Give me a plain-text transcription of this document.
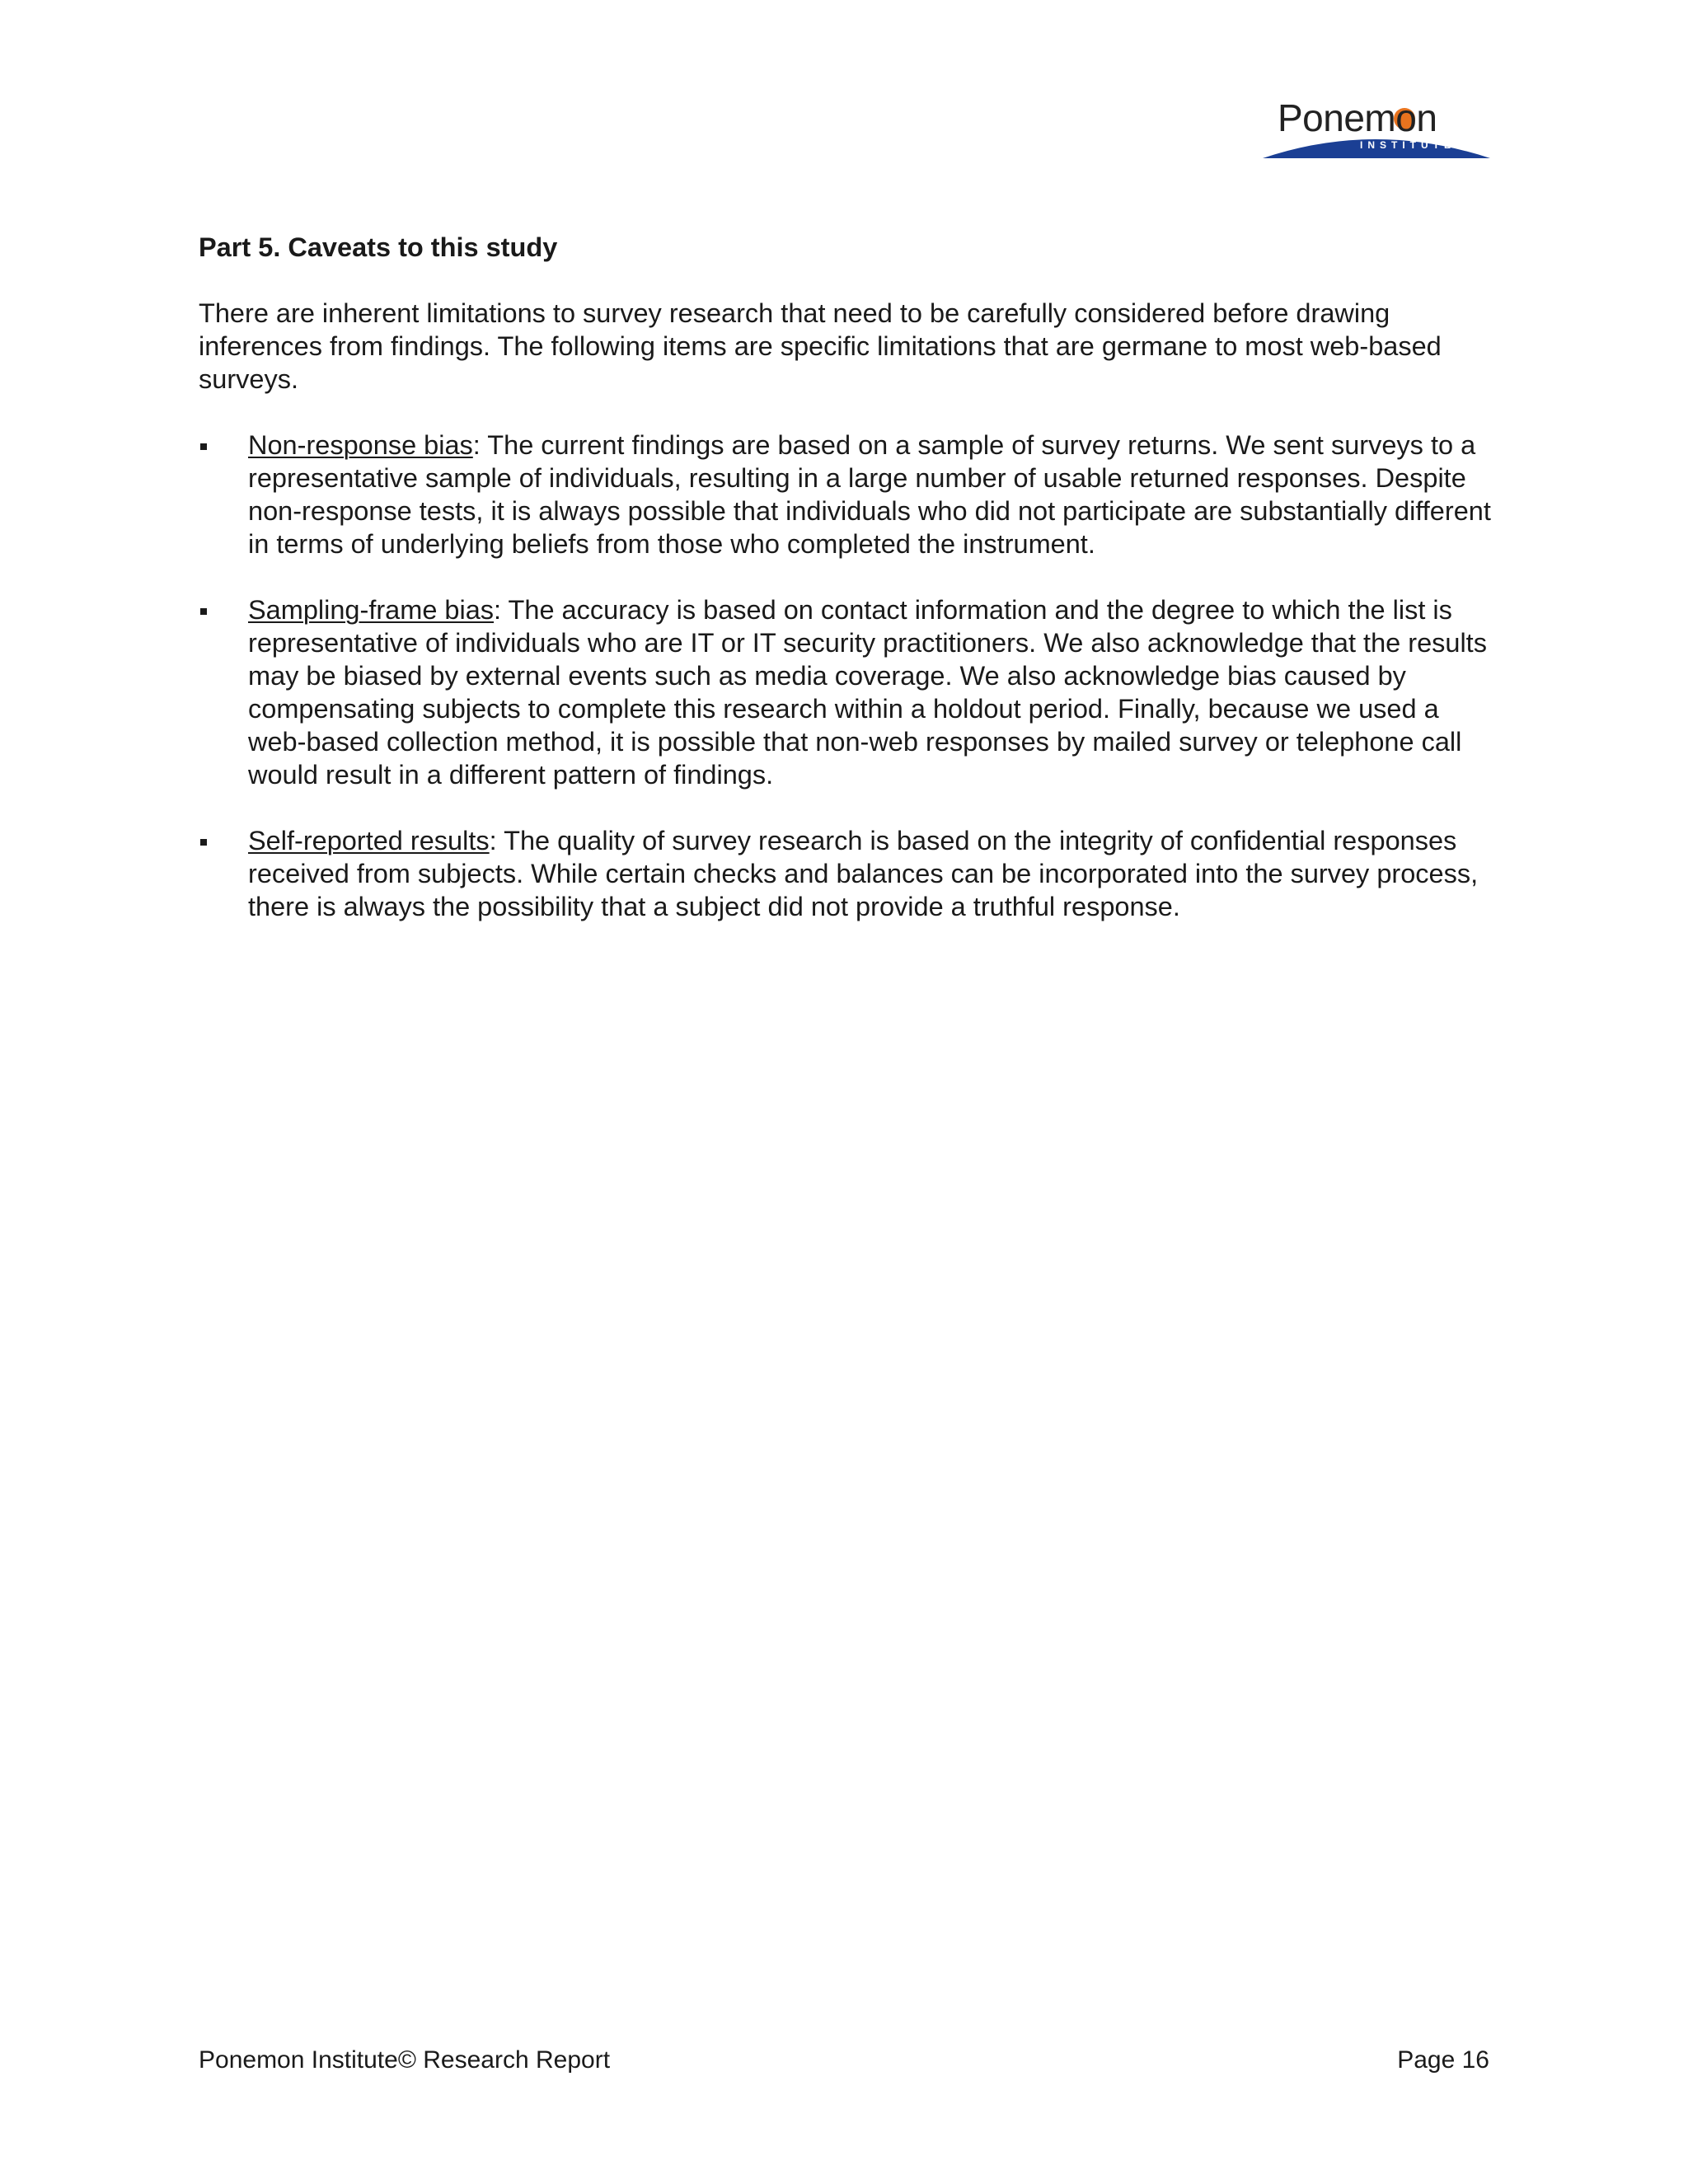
Ponemon
INSTITUTE
Part 5. Caveats to this study
There are inherent limitations to survey research that need to be carefully considered before drawing inferences from findings. The following items are specific limitations that are germane to most web-based surveys.
Non-response bias: The current findings are based on a sample of survey returns. We sent surveys to a representative sample of individuals, resulting in a large number of usable returned responses. Despite non-response tests, it is always possible that individuals who did not participate are substantially different in terms of underlying beliefs from those who completed the instrument.
Sampling-frame bias: The accuracy is based on contact information and the degree to which the list is representative of individuals who are IT or IT security practitioners. We also acknowledge that the results may be biased by external events such as media coverage. We also acknowledge bias caused by compensating subjects to complete this research within a holdout period. Finally, because we used a web-based collection method, it is possible that non-web responses by mailed survey or telephone call would result in a different pattern of findings.
Self-reported results: The quality of survey research is based on the integrity of confidential responses received from subjects. While certain checks and balances can be incorporated into the survey process, there is always the possibility that a subject did not provide a truthful response.
Ponemon Institute© Research Report	Page 16
